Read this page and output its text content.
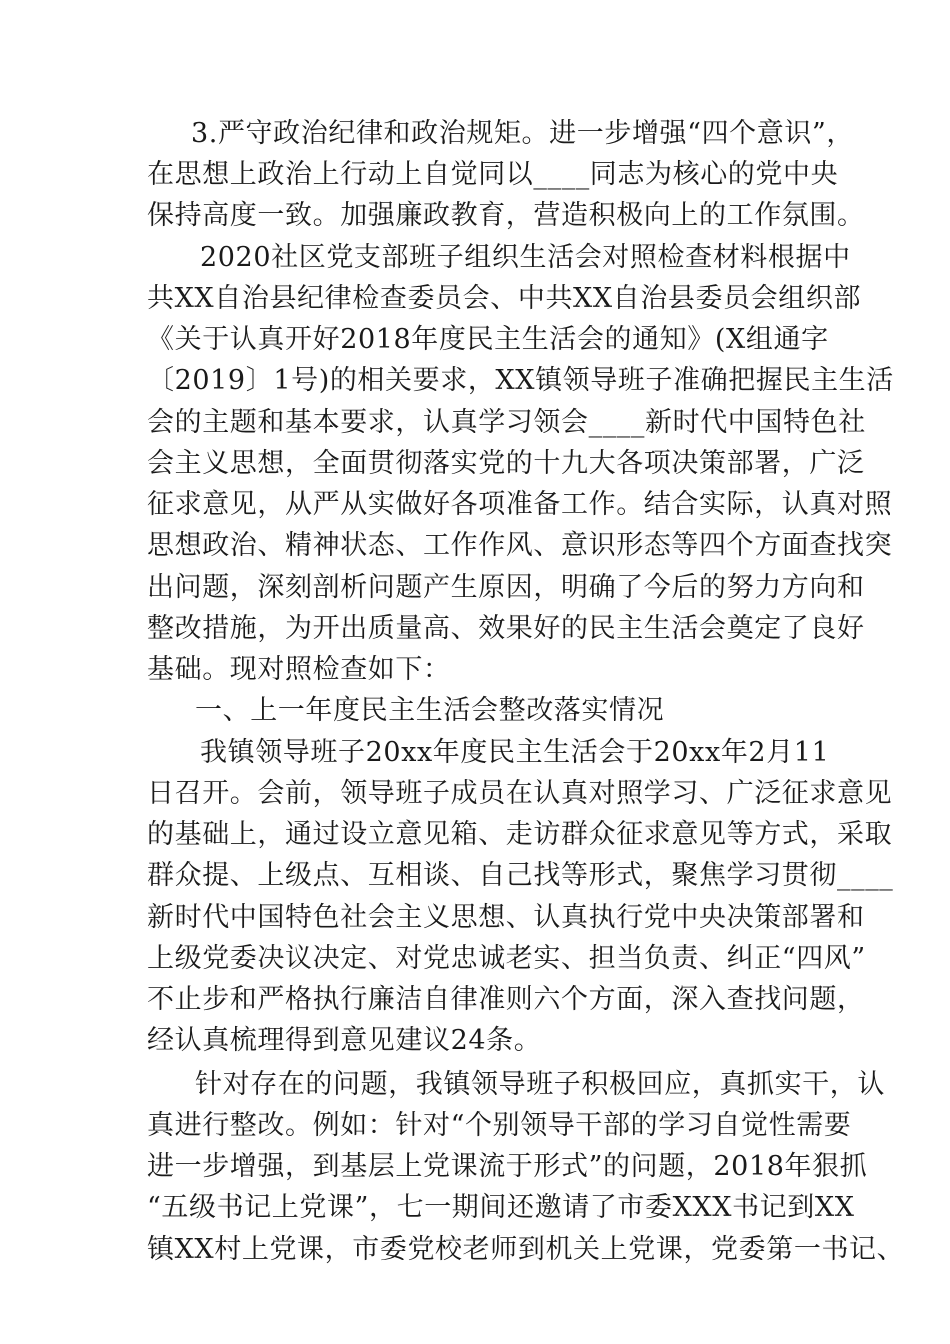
3.严守政治纪律和政治规矩。进一步增强“四个意识”，
在思想上政治上行动上自觉同以____同志为核心的党中央
保持高度一致。加强廉政教育，营造积极向上的工作氛围。
2020社区党支部班子组织生活会对照检查材料根据中
共XX自治县纪律检查委员会、中共XX自治县委员会组织部
《关于认真开好2018年度民主生活会的通知》(X组通字
〔2019〕1号)的相关要求，XX镇领导班子准确把握民主生活
会的主题和基本要求，认真学习领会____新时代中国特色社
会主义思想，全面贯彻落实党的十九大各项决策部署，广泛
征求意见，从严从实做好各项准备工作。结合实际，认真对照
思想政治、精神状态、工作作风、意识形态等四个方面查找突
出问题，深刻剖析问题产生原因，明确了今后的努力方向和
整改措施，为开出质量高、效果好的民主生活会奠定了良好
基础。现对照检查如下：
一、上一年度民主生活会整改落实情况
我镇领导班子20xx年度民主生活会于20xx年2月11
日召开。会前，领导班子成员在认真对照学习、广泛征求意见
的基础上，通过设立意见箱、走访群众征求意见等方式，采取
群众提、上级点、互相谈、自己找等形式，聚焦学习贯彻____
新时代中国特色社会主义思想、认真执行党中央决策部署和
上级党委决议决定、对党忠诚老实、担当负责、纠正“四风”
不止步和严格执行廉洁自律准则六个方面，深入查找问题，
经认真梳理得到意见建议24条。
针对存在的问题，我镇领导班子积极回应，真抓实干，认
真进行整改。例如：针对“个别领导干部的学习自觉性需要
进一步增强，到基层上党课流于形式”的问题，2018年狠抓
“五级书记上党课”，七一期间还邀请了市委XXX书记到XX
镇XX村上党课，市委党校老师到机关上党课，党委第一书记、
